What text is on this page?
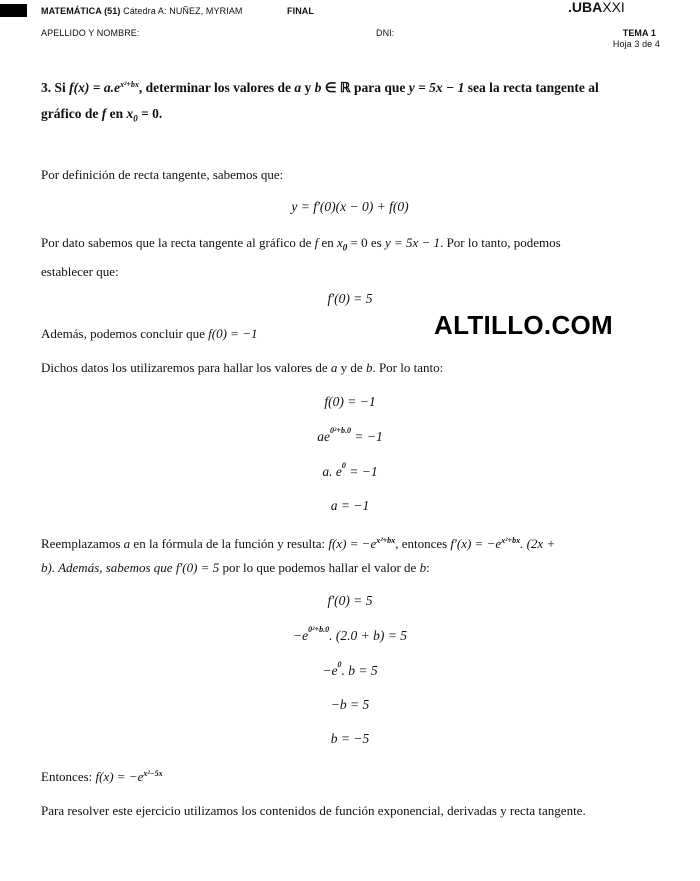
MATEMÁTICA (51) Cátedra A: NUÑEZ, MYRIAM	FINAL	.UBAXXI
APELLIDO Y NOMBRE:	DNI:	TEMA 1
Hoja 3 de 4
3. Si $f(x) = a.e^{x^2+bx}$, determinar los valores de a y b ∈ ℝ para que y = 5x − 1 sea la recta tangente al
gráfico de f en $x_0 = 0$.
Por definición de recta tangente, sabemos que:
y = f′(0)(x − 0) + f(0)
Por dato sabemos que la recta tangente al gráfico de f en $x_0 = 0$ es y = 5x − 1. Por lo tanto, podemos
establecer que:
f′(0) = 5
Además, podemos concluir que f(0) = −1	ALTILLO.COM
Dichos datos los utilizaremos para hallar los valores de a y de b. Por lo tanto:
f(0) = −1
$ae^{0^2+b.0} = -1$
a. $e^0 = -1$
a = −1
Reemplazamos a en la fórmula de la función y resulta: $f(x) = -e^{x^2+bx}$, entonces $f'(x) = -e^{x^2+bx}$. (2x +
b). Además, sabemos que f′(0) = 5 por lo que podemos hallar el valor de b:
f′(0) = 5
$-e^{0^2+b.0}$. (2.0 + b) = 5
$-e^0$. b = 5
−b = 5
b = −5
Entonces: $f(x) = -e^{x^2-5x}$
Para resolver este ejercicio utilizamos los contenidos de función exponencial, derivadas y recta tangente.
